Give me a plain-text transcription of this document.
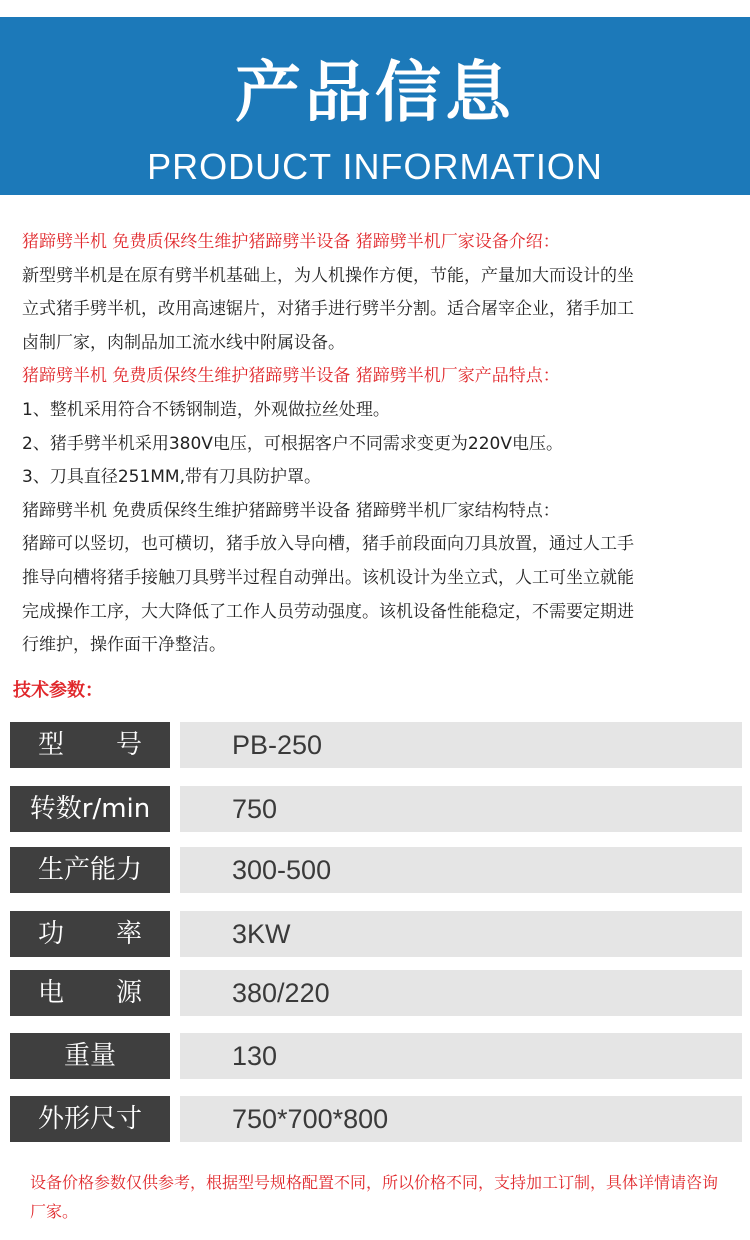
产品信息
PRODUCT INFORMATION
猪蹄劈半机 免费质保终生维护猪蹄劈半设备 猪蹄劈半机厂家设备介绍：
新型劈半机是在原有劈半机基础上，为人机操作方便，节能，产量加大而设计的坐
立式猪手劈半机，改用高速锯片，对猪手进行劈半分割。适合屠宰企业，猪手加工
卤制厂家，肉制品加工流水线中附属设备。
猪蹄劈半机 免费质保终生维护猪蹄劈半设备 猪蹄劈半机厂家产品特点：
1、整机采用符合不锈钢制造，外观做拉丝处理。
2、猪手劈半机采用380V电压，可根据客户不同需求变更为220V电压。
3、刀具直径251MM,带有刀具防护罩。
猪蹄劈半机 免费质保终生维护猪蹄劈半设备 猪蹄劈半机厂家结构特点：
猪蹄可以竖切，也可横切，猪手放入导向槽，猪手前段面向刀具放置，通过人工手
推导向槽将猪手接触刀具劈半过程自动弹出。该机设计为坐立式，人工可坐立就能
完成操作工序，大大降低了工作人员劳动强度。该机设备性能稳定，不需要定期进
行维护，操作面干净整洁。
技术参数：
型 号	PB-250
转数r/min	750
生产能力	300-500
功 率	3KW
电 源	380/220
重量	130
外形尺寸	750*700*800
设备价格参数仅供参考，根据型号规格配置不同，所以价格不同，支持加工订制，具体详情请咨询厂家。
